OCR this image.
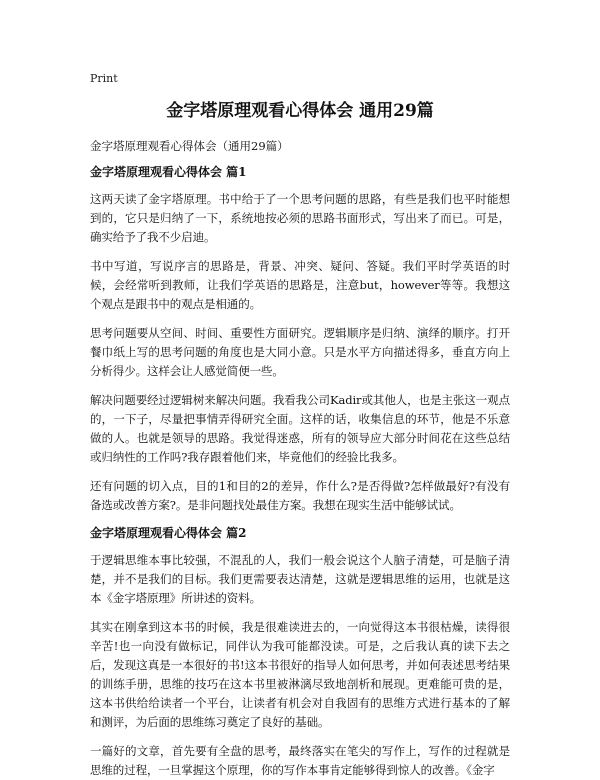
Print
金字塔原理观看心得体会 通用29篇
金字塔原理观看心得体会（通用29篇）
金字塔原理观看心得体会 篇1

这两天读了金字塔原理。书中给于了一个思考问题的思路，有些是我们也平时能想到的，它只是归纳了一下，系统地按必须的思路书面形式，写出来了而已。可是，确实给予了我不少启迪。

书中写道，写说序言的思路是，背景、冲突、疑问、答疑。我们平时学英语的时候，会经常听到教师，让我们学英语的思路是，注意but，however等等。我想这个观点是跟书中的观点是相通的。

思考问题要从空间、时间、重要性方面研究。逻辑顺序是归纳、演绎的顺序。打开餐巾纸上写的思考问题的角度也是大同小意。只是水平方向描述得多，垂直方向上分析得少。这样会让人感觉简便一些。

解决问题要经过逻辑树来解决问题。我看我公司Kadir或其他人，也是主张这一观点的，一下子，尽量把事情弄得研究全面。这样的话，收集信息的环节，他是不乐意做的人。也就是领导的思路。我觉得迷惑，所有的领导应大部分时间花在这些总结或归纳性的工作吗?我存跟着他们来，毕竟他们的经验比我多。

还有问题的切入点，目的1和目的2的差异，作什么?是否得做?怎样做最好?有没有备选或改善方案?。是非问题找处最佳方案。我想在现实生活中能够试试。

金字塔原理观看心得体会 篇2

于逻辑思维本事比较强，不混乱的人，我们一般会说这个人脑子清楚，可是脑子清楚，并不是我们的目标。我们更需要表达清楚，这就是逻辑思维的运用，也就是这本《金字塔原理》所讲述的资料。

其实在刚拿到这本书的时候，我是很难读进去的，一向觉得这本书很枯燥，读得很辛苦!也一向没有做标记，同伴认为我可能都没读。可是，之后我认真的读下去之后，发现这真是一本很好的书!这本书很好的指导人如何思考，并如何表述思考结果的训练手册，思维的技巧在这本书里被淋漓尽致地剖析和展现。更难能可贵的是，这本书供给给读者一个平台，让读者有机会对自我固有的思维方式进行基本的了解和测评，为后面的思维练习奠定了良好的基础。

一篇好的文章，首先要有全盘的思考，最终落实在笔尖的写作上，写作的过程就是思维的过程，一旦掌握这个原理，你的写作本事肯定能够得到惊人的改善。《金字
